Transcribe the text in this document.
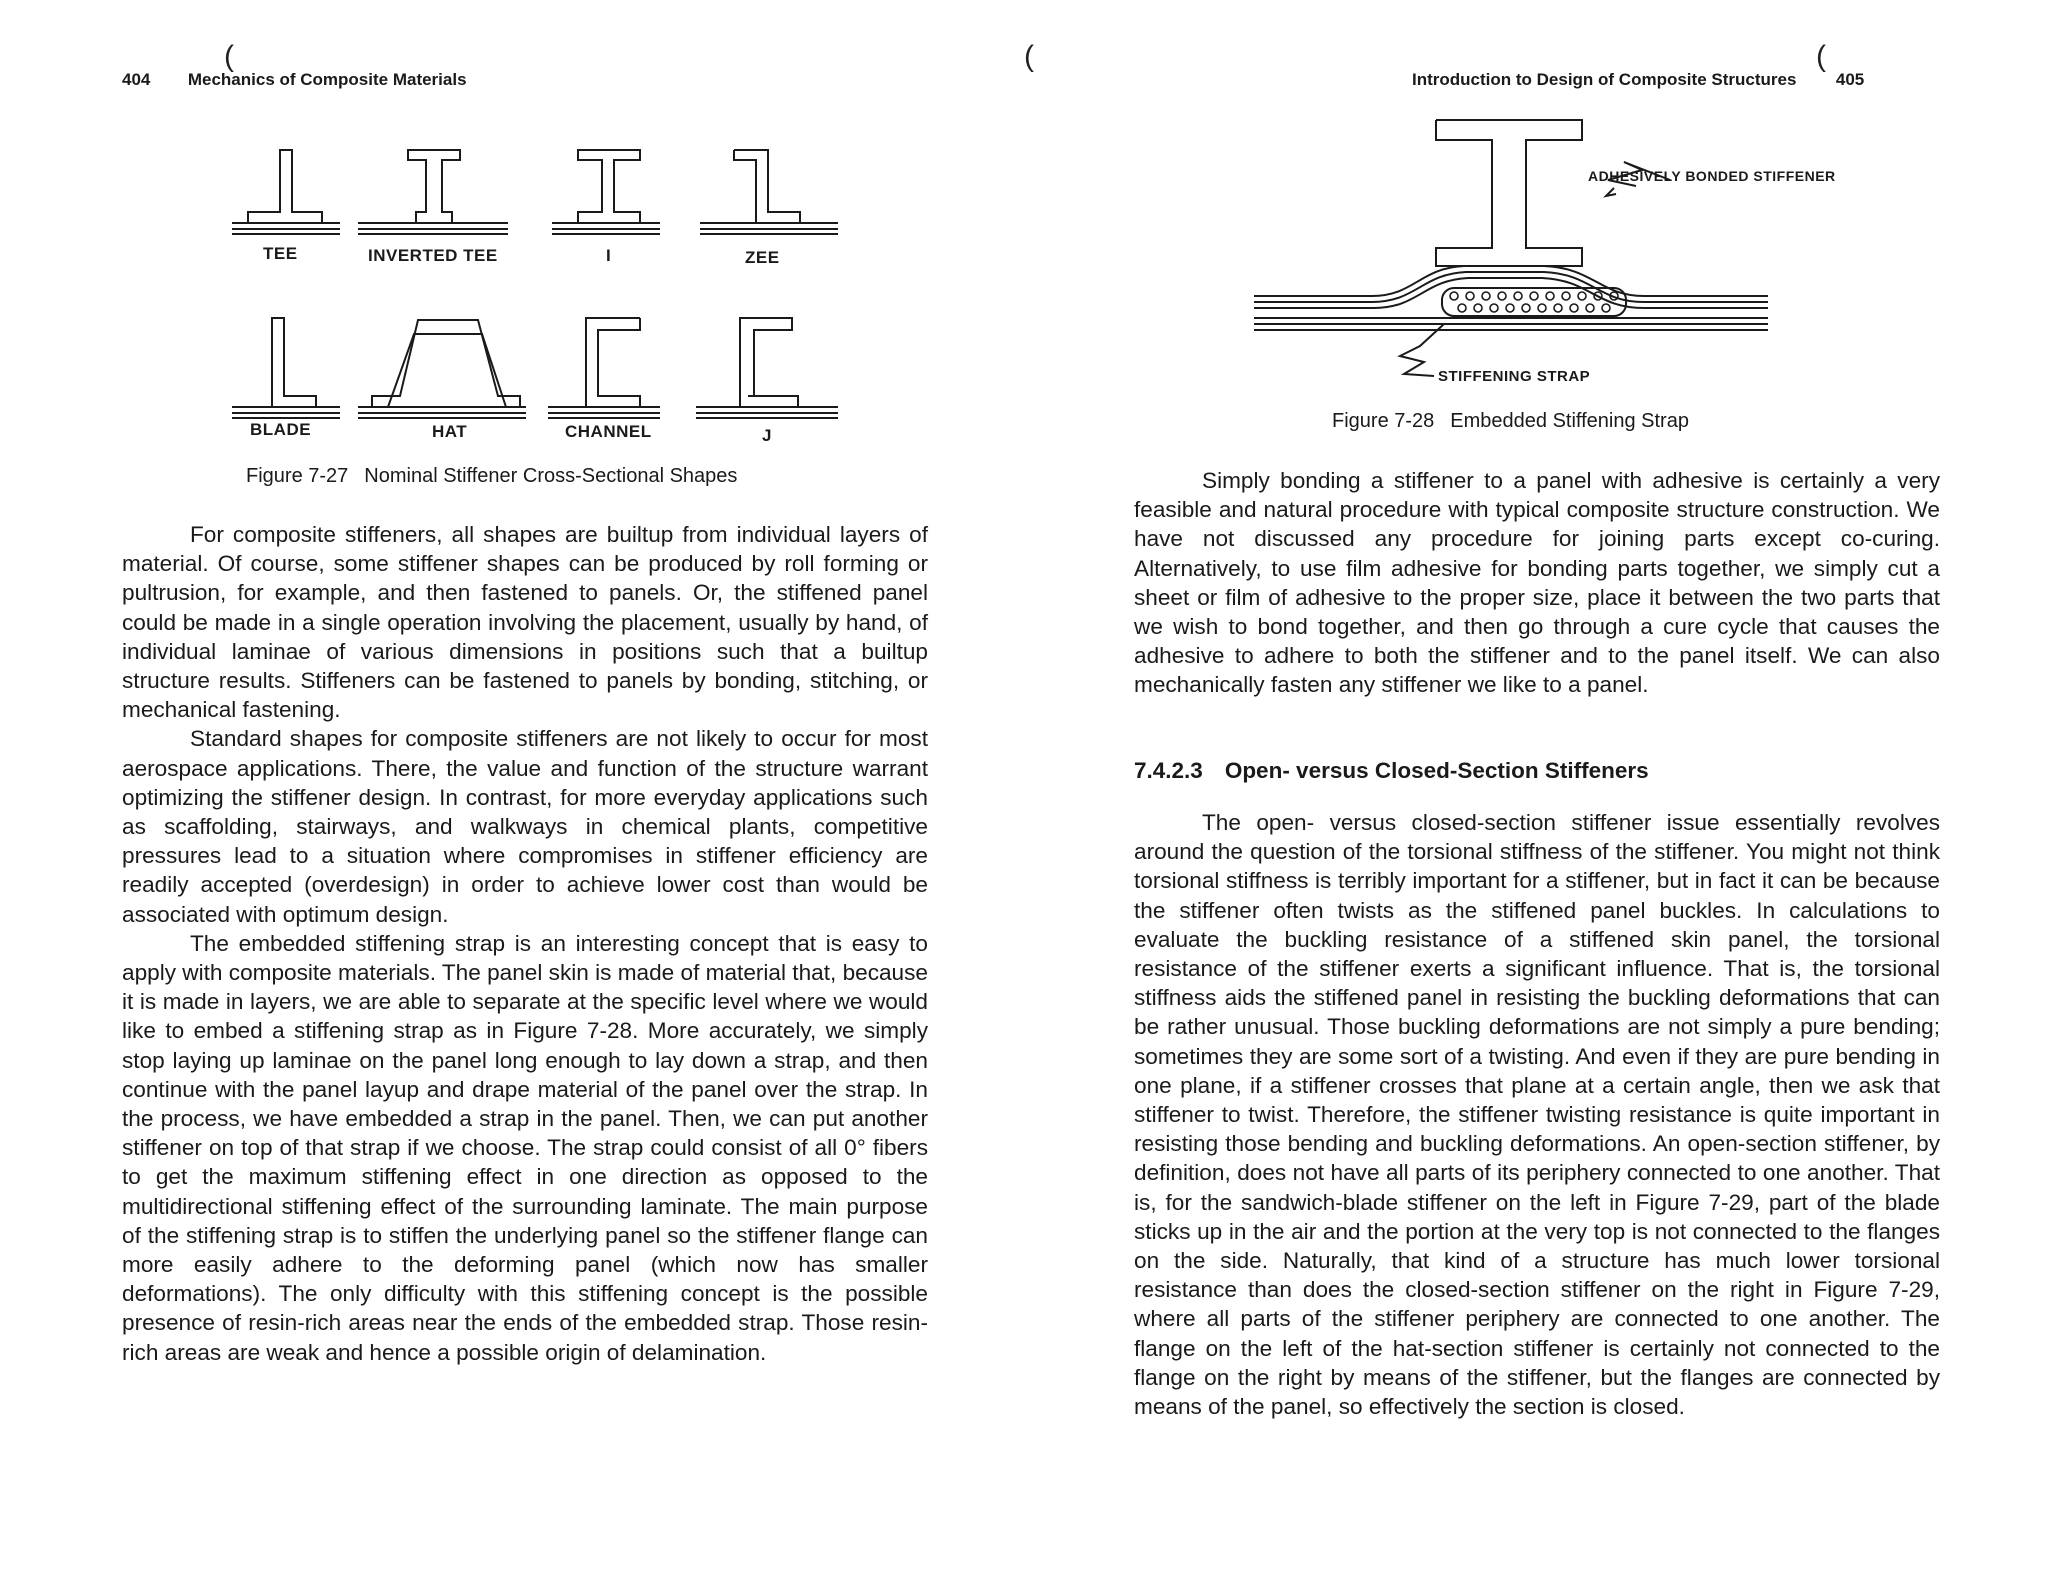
(
404 Mechanics of Composite Materials
TEE	INVERTED TEE	I	ZEE
BLADE	HAT	CHANNEL	J
Figure 7-27 Nominal Stiffener Cross-Sectional Shapes

For composite stiffeners, all shapes are builtup from individual layers of material. Of course, some stiffener shapes can be produced by roll forming or pultrusion, for example, and then fastened to panels. Or, the stiffened panel could be made in a single operation involving the placement, usually by hand, of individual laminae of various dimensions in positions such that a builtup structure results. Stiffeners can be fastened to panels by bonding, stitching, or mechanical fastening.

Standard shapes for composite stiffeners are not likely to occur for most aerospace applications. There, the value and function of the structure warrant optimizing the stiffener design. In contrast, for more everyday applications such as scaffolding, stairways, and walkways in chemical plants, competitive pressures lead to a situation where compromises in stiffener efficiency are readily accepted (overdesign) in order to achieve lower cost than would be associated with optimum design.

The embedded stiffening strap is an interesting concept that is easy to apply with composite materials. The panel skin is made of material that, because it is made in layers, we are able to separate at the specific level where we would like to embed a stiffening strap as in Figure 7-28. More accurately, we simply stop laying up laminae on the panel long enough to lay down a strap, and then continue with the panel layup and drape material of the panel over the strap. In the process, we have embedded a strap in the panel. Then, we can put another stiffener on top of that strap if we choose. The strap could consist of all 0° fibers to get the maximum stiffening effect in one direction as opposed to the multidirectional stiffening effect of the surrounding laminate. The main purpose of the stiffening strap is to stiffen the underlying panel so the stiffener flange can more easily adhere to the deforming panel (which now has smaller deformations). The only difficulty with this stiffening concept is the possible presence of resin-rich areas near the ends of the embedded strap. Those resin-rich areas are weak and hence a possible origin of delamination.

(	(
Introduction to Design of Composite Structures 405
ADHESIVELY BONDED STIFFENER
STIFFENING STRAP
Figure 7-28 Embedded Stiffening Strap

Simply bonding a stiffener to a panel with adhesive is certainly a very feasible and natural procedure with typical composite structure construction. We have not discussed any procedure for joining parts except co-curing. Alternatively, to use film adhesive for bonding parts together, we simply cut a sheet or film of adhesive to the proper size, place it between the two parts that we wish to bond together, and then go through a cure cycle that causes the adhesive to adhere to both the stiffener and to the panel itself. We can also mechanically fasten any stiffener we like to a panel.

7.4.2.3 Open- versus Closed-Section Stiffeners

The open- versus closed-section stiffener issue essentially revolves around the question of the torsional stiffness of the stiffener. You might not think torsional stiffness is terribly important for a stiffener, but in fact it can be because the stiffener often twists as the stiffened panel buckles. In calculations to evaluate the buckling resistance of a stiffened skin panel, the torsional resistance of the stiffener exerts a significant influence. That is, the torsional stiffness aids the stiffened panel in resisting the buckling deformations that can be rather unusual. Those buckling deformations are not simply a pure bending; sometimes they are some sort of a twisting. And even if they are pure bending in one plane, if a stiffener crosses that plane at a certain angle, then we ask that stiffener to twist. Therefore, the stiffener twisting resistance is quite important in resisting those bending and buckling deformations. An open-section stiffener, by definition, does not have all parts of its periphery connected to one another. That is, for the sandwich-blade stiffener on the left in Figure 7-29, part of the blade sticks up in the air and the portion at the very top is not connected to the flanges on the side. Naturally, that kind of a structure has much lower torsional resistance than does the closed-section stiffener on the right in Figure 7-29, where all parts of the stiffener periphery are connected to one another. The flange on the left of the hat-section stiffener is certainly not connected to the flange on the right by means of the stiffener, but the flanges are connected by means of the panel, so effectively the section is closed.
